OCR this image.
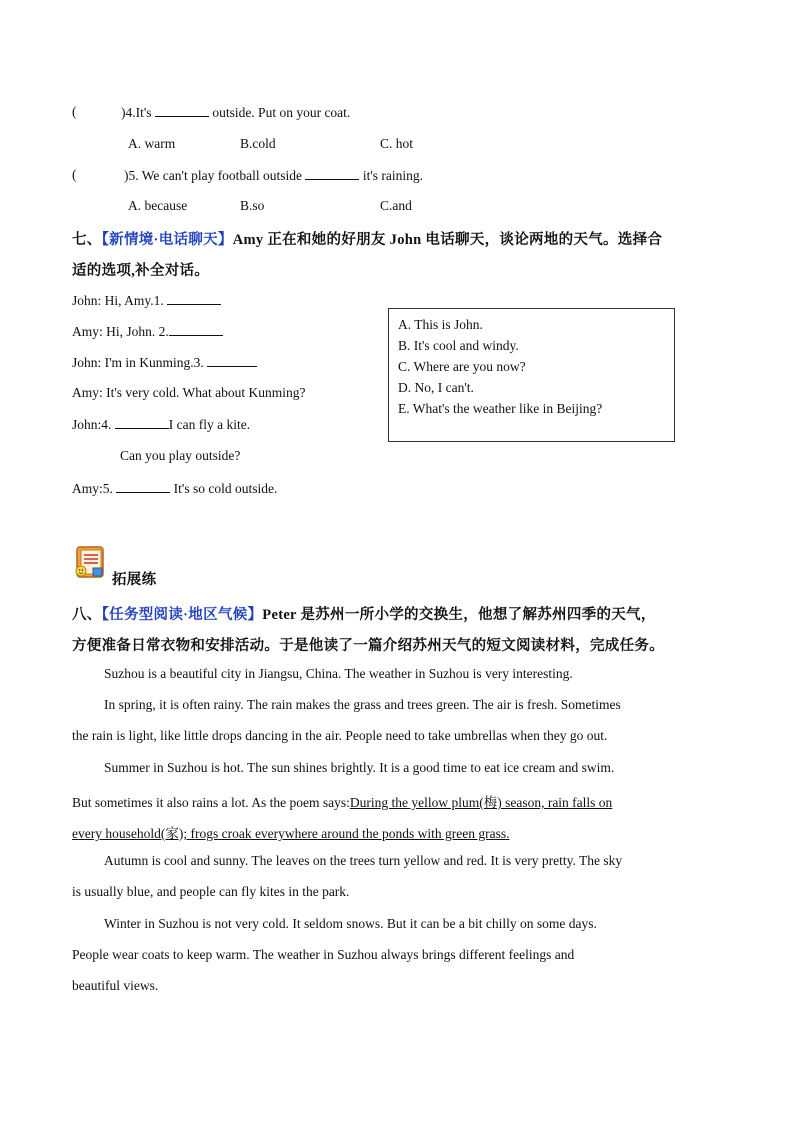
(	)4.It's	outside. Put on your coat.
A. warm	B.cold	C. hot
(	)5. We can't play football outside	it's raining.
A. because	B.so	C.and
七、【新情境·电话聊天】Amy 正在和她的好朋友 John 电话聊天，谈论两地的天气。选择合
适的选项,补全对话。
John: Hi, Amy.1.
Amy: Hi, John. 2.
John: I'm in Kunming.3.
Amy: It's very cold. What about Kunming?
John:4.	I can fly a kite.
Can you play outside?
Amy:5.	It's so cold outside.
A. This is John.
B. It's cool and windy.
C. Where are you now?
D. No, I can't.
E. What's the weather like in Beijing?
拓展练
八、【任务型阅读·地区气候】Peter 是苏州一所小学的交换生，他想了解苏州四季的天气，
方便准备日常衣物和安排活动。于是他读了一篇介绍苏州天气的短文阅读材料，完成任务。
Suzhou is a beautiful city in Jiangsu, China. The weather in Suzhou is very interesting.
In spring, it is often rainy. The rain makes the grass and trees green. The air is fresh. Sometimes
the rain is light, like little drops dancing in the air. People need to take umbrellas when they go out.
Summer in Suzhou is hot. The sun shines brightly. It is a good time to eat ice cream and swim.
But sometimes it also rains a lot. As the poem says:During the yellow plum(梅) season, rain falls on
every household(家); frogs croak everywhere around the ponds with green grass.
Autumn is cool and sunny. The leaves on the trees turn yellow and red. It is very pretty. The sky
is usually blue, and people can fly kites in the park.
Winter in Suzhou is not very cold. It seldom snows. But it can be a bit chilly on some days.
People wear coats to keep warm. The weather in Suzhou always brings different feelings and
beautiful views.
